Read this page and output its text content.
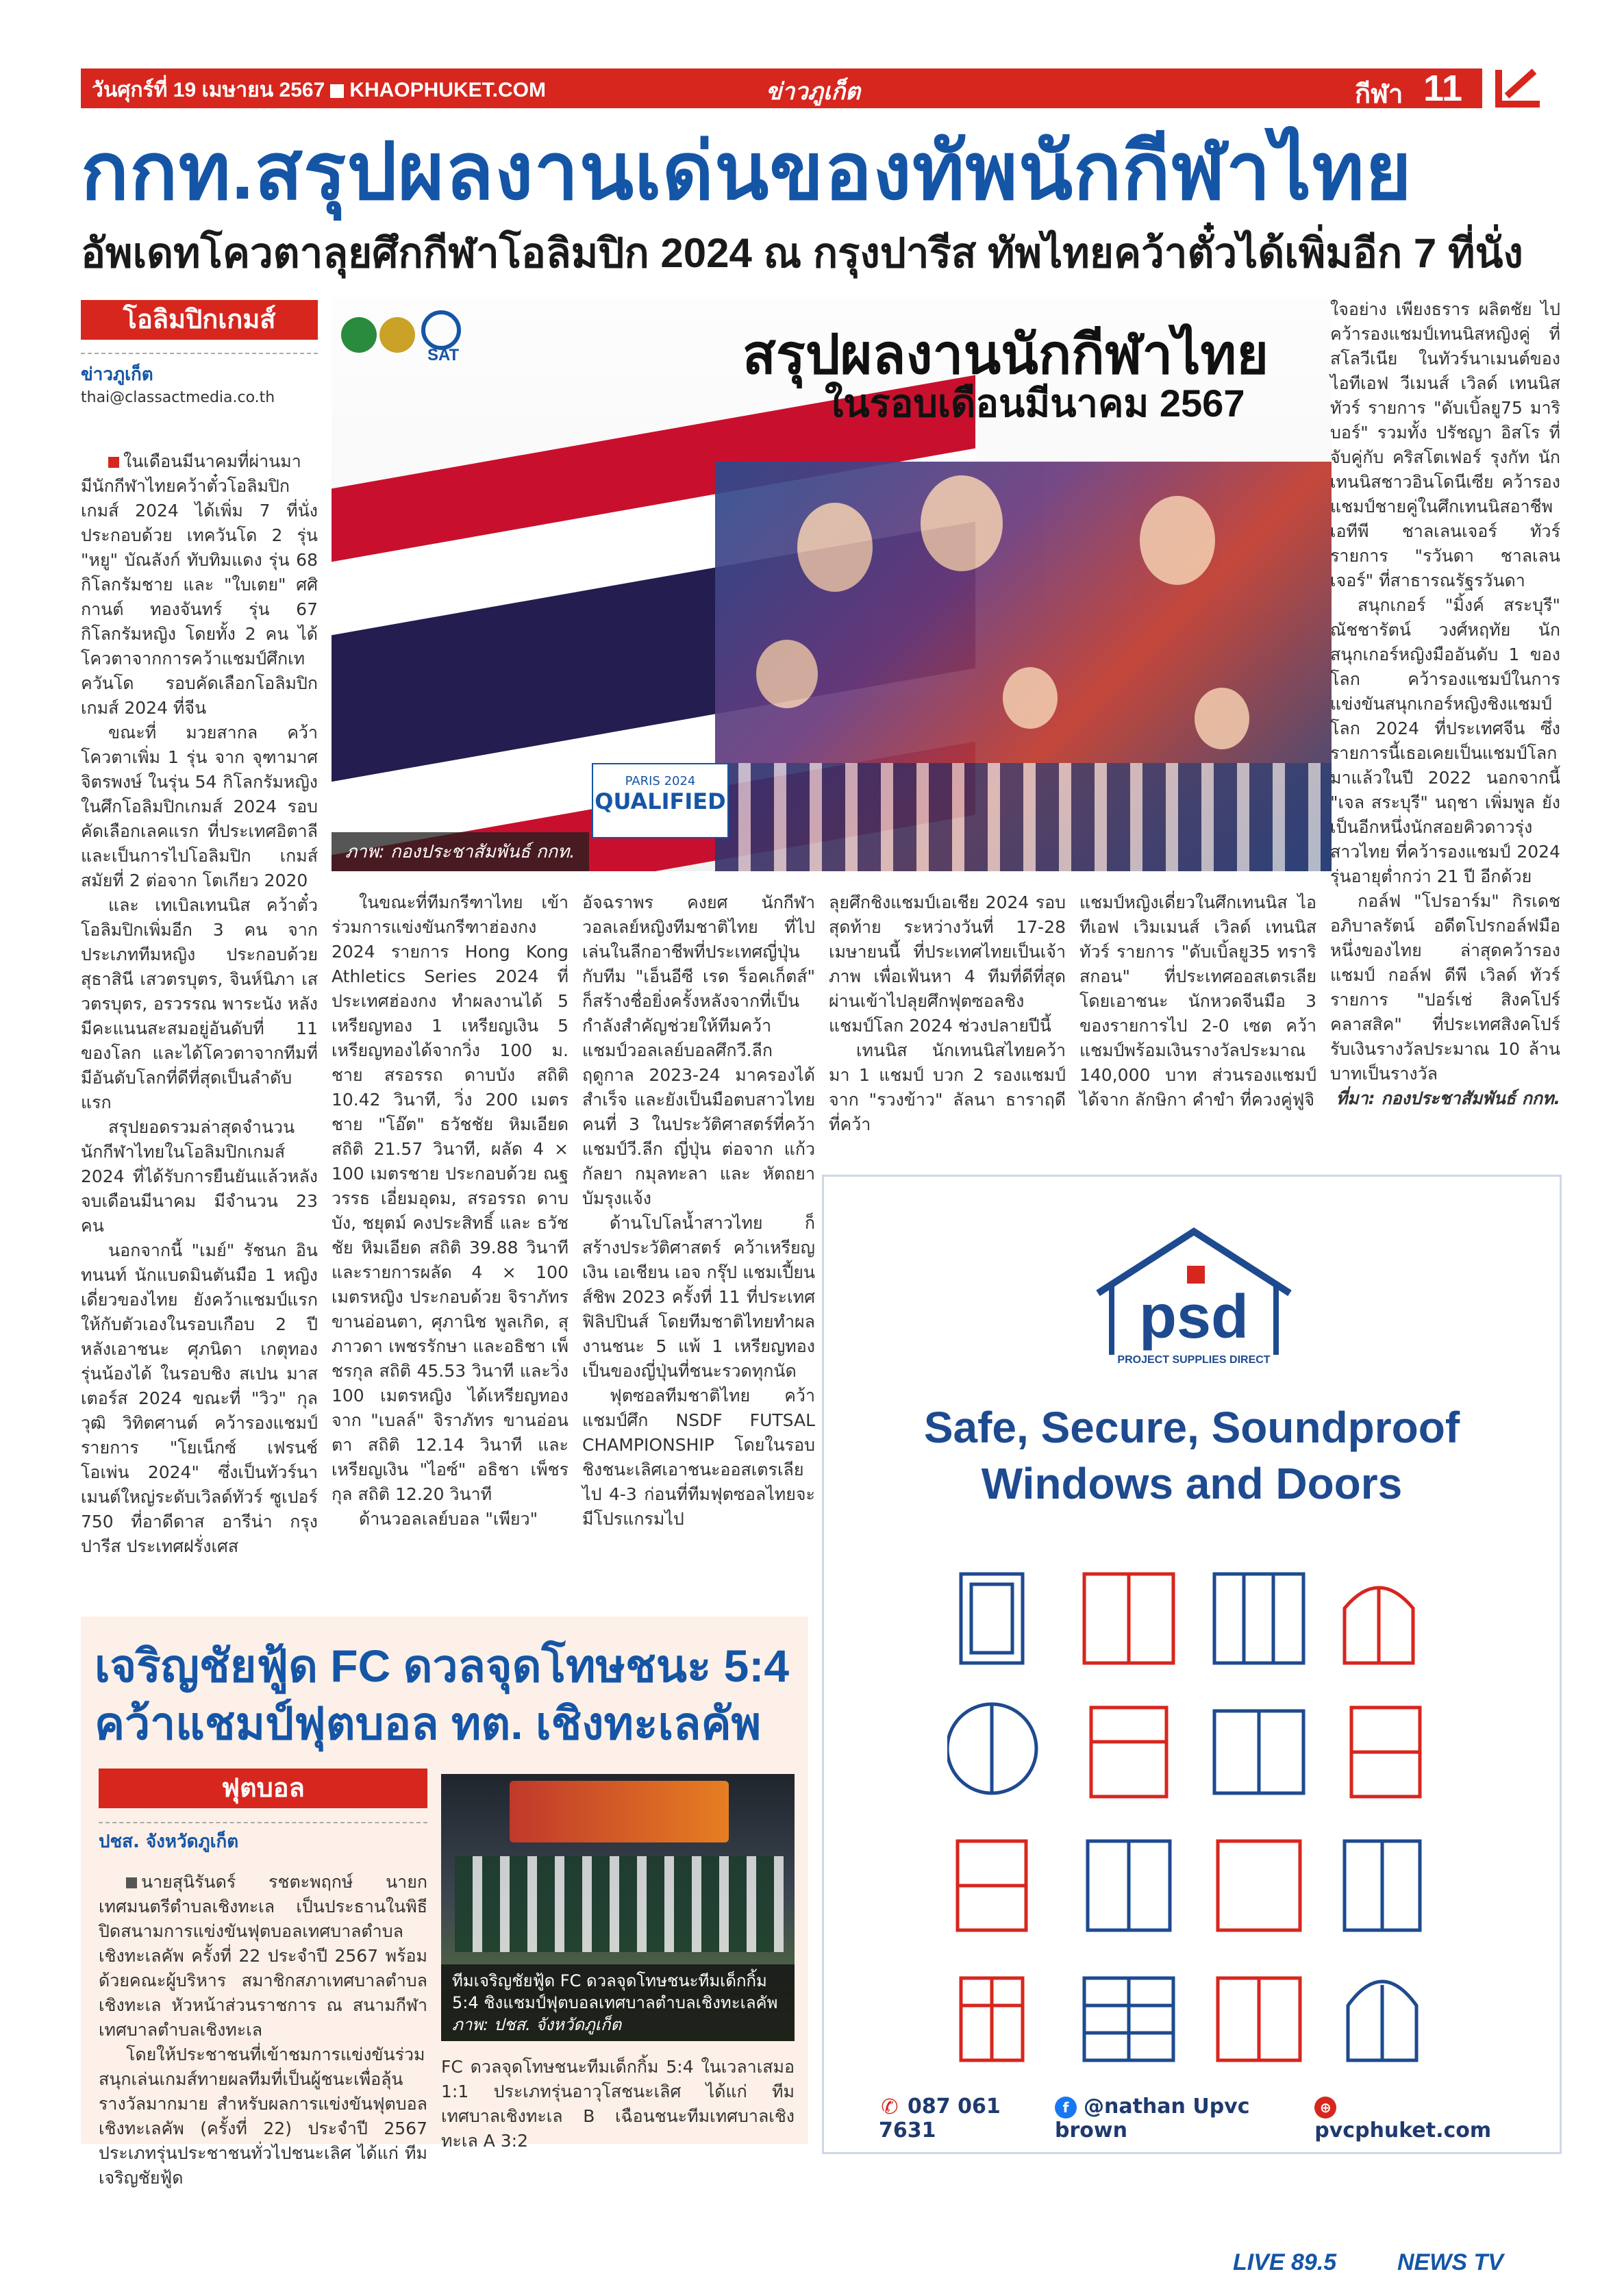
วันศุกร์ที่ 19 เมษายน 2567 KHAOPHUKET.COM	ข่าวภูเก็ต	กีฬา 11
กกท.สรุปผลงานเด่นของทัพนักกีฬาไทย
อัพเดทโควตาลุยศึกกีฬาโอลิมปิก 2024 ณ กรุงปารีส ทัพไทยคว้าตั๋วได้เพิ่มอีก 7 ที่นั่ง
โอลิมปิกเกมส์
ข่าวภูเก็ต
thai@classactmedia.co.th
SAT	สรุปผลงานนักกีฬาไทย
ในรอบเดือนมีนาคม 2567
PARIS 2024
QUALIFIED
ภาพ: กองประชาสัมพันธ์ กกท.

ในเดือนมีนาคมที่ผ่านมา มีนักกีฬาไทยคว้าตั๋วโอลิมปิกเกมส์ 2024 ได้เพิ่ม 7 ที่นั่ง ประกอบด้วย เทควันโด 2 รุ่น "หยู" บัณลังก์ ทับทิมแดง รุ่น 68 กิโลกรัมชาย และ "ใบเตย" ศศิกานต์ ทองจันทร์ รุ่น 67 กิโลกรัมหญิง โดยทั้ง 2 คน ได้โควตาจากการคว้าแชมป์ศึกเทควันโด รอบคัดเลือกโอลิมปิกเกมส์ 2024 ที่จีน

ขณะที่ มวยสากล คว้าโควตาเพิ่ม 1 รุ่น จาก จุฑามาศ จิตรพงษ์ ในรุ่น 54 กิโลกรัมหญิง ในศึกโอลิมปิกเกมส์ 2024 รอบคัดเลือกเลคแรก ที่ประเทศอิตาลี และเป็นการไปโอลิมปิก เกมส์ สมัยที่ 2 ต่อจาก โตเกียว 2020

และ เทเบิลเทนนิส คว้าตั๋วโอลิมปิกเพิ่มอีก 3 คน จากประเภททีมหญิง ประกอบด้วย สุธาสินี เสวตรบุตร, จินห์นิภา เสวตรบุตร, อรวรรณ พาระนัง หลังมีคะแนนสะสมอยู่อันดับที่ 11 ของโลก และได้โควตาจากทีมที่มีอันดับโลกที่ดีที่สุดเป็นลำดับแรก

สรุปยอดรวมล่าสุดจำนวนนักกีฬาไทยในโอลิมปิกเกมส์ 2024 ที่ได้รับการยืนยันแล้วหลังจบเดือนมีนาคม มีจำนวน 23 คน

นอกจากนี้ "เมย์" รัชนก อินทนนท์ นักแบดมินตันมือ 1 หญิงเดี่ยวของไทย ยังคว้าแชมป์แรกให้กับตัวเองในรอบเกือบ 2 ปี หลังเอาชนะ ศุภนิดา เกตุทอง รุ่นน้องได้ ในรอบชิง สเปน มาสเตอร์ส 2024 ขณะที่ "วิว" กุลวุฒิ วิทิตศานต์ คว้ารองแชมป์ รายการ "โยเน็กซ์ เฟรนช์ โอเพ่น 2024" ซึ่งเป็นทัวร์นาเมนต์ใหญ่ระดับเวิลด์ทัวร์ ซูเปอร์ 750 ที่อาดีดาส อารีน่า กรุงปารีส ประเทศฝรั่งเศส

ในขณะที่ทีมกรีฑาไทย เข้าร่วมการแข่งขันกรีฑาฮ่องกง 2024 รายการ Hong Kong Athletics Series 2024 ที่ประเทศฮ่องกง ทำผลงานได้ 5 เหรียญทอง 1 เหรียญเงิน 5 เหรียญทองได้จากวิ่ง 100 ม. ชาย สรอรรถ ดาบบัง สถิติ 10.42 วินาที, วิ่ง 200 เมตรชาย "โอ๊ต" ธวัชชัย หิมเอียด สถิติ 21.57 วินาที, ผลัด 4 × 100 เมตรชาย ประกอบด้วย ณฐวรรธ เอี่ยมอุดม, สรอรรถ ดาบบัง, ชยุตม์ คงประสิทธิ์ และ ธวัชชัย หิมเอียด สถิติ 39.88 วินาที และรายการผลัด 4 × 100 เมตรหญิง ประกอบด้วย จิราภัทร ขานอ่อนตา, ศุภานิช พูลเกิด, สุภาวดา เพชรรักษา และอธิชา เพ็ชรกุล สถิติ 45.53 วินาที และวิ่ง 100 เมตรหญิง ได้เหรียญทองจาก "เบลล์" จิราภัทร ขานอ่อนตา สถิติ 12.14 วินาที และเหรียญเงิน "ไอซ์" อธิชา เพ็ชรกุล สถิติ 12.20 วินาที

ด้านวอลเลย์บอล "เพียว"

อัจฉราพร คงยศ นักกีฬาวอลเลย์หญิงทีมชาติไทย ที่ไปเล่นในลีกอาชีพที่ประเทศญี่ปุ่น กับทีม "เอ็นอีซี เรด ร็อคเก็ตส์" ก็สร้างชื่อยิ่งครั้งหลังจากที่เป็นกำลังสำคัญช่วยให้ทีมคว้าแชมป์วอลเลย์บอลศึกวี.ลีก ฤดูกาล 2023-24 มาครองได้สำเร็จ และยังเป็นมือตบสาวไทยคนที่ 3 ในประวัติศาสตร์ที่คว้าแชมป์วี.ลีก ญี่ปุ่น ต่อจาก แก้วกัลยา กมุลทะลา และ หัตถยา บัมรุงแจ้ง

ด้านโปโลน้ำสาวไทย ก็สร้างประวัติศาสตร์ คว้าเหรียญเงิน เอเชียน เอจ กรุ๊ป แชมเปี้ยนส์ชิพ 2023 ครั้งที่ 11 ที่ประเทศฟิลิปปินส์ โดยทีมชาติไทยทำผลงานชนะ 5 แพ้ 1 เหรียญทองเป็นของญี่ปุ่นที่ชนะรวดทุกนัด

ฟุตซอลทีมชาติไทย คว้าแชมป์ศึก NSDF FUTSAL CHAMPIONSHIP โดยในรอบชิงชนะเลิศเอาชนะออสเตรเลียไป 4-3 ก่อนที่ทีมฟุตซอลไทยจะมีโปรแกรมไป

ลุยศึกชิงแชมป์เอเชีย 2024 รอบสุดท้าย ระหว่างวันที่ 17-28 เมษายนนี้ ที่ประเทศไทยเป็นเจ้าภาพ เพื่อเฟ้นหา 4 ทีมที่ดีที่สุดผ่านเข้าไปลุยศึกฟุตซอลชิงแชมป์โลก 2024 ช่วงปลายปีนี้

เทนนิส นักเทนนิสไทยคว้ามา 1 แชมป์ บวก 2 รองแชมป์ จาก "รวงข้าว" ลัลนา ธาราฤดี ที่คว้า

แชมป์หญิงเดี่ยวในศึกเทนนิส ไอทีเอฟ เวิมเมนส์ เวิลด์ เทนนิส ทัวร์ รายการ "ดับเบิ้ลยู35 ทราริสกอน" ที่ประเทศออสเตรเลีย โดยเอาชนะ นักหวดจีนมือ 3 ของรายการไป 2-0 เซต คว้าแชมป์พร้อมเงินรางวัลประมาณ 140,000 บาท ส่วนรองแชมป์ได้จาก ลักษิกา คำขำ ที่ควงคู่ฟูจิ

ใจอย่าง เพียงธราร ผลิตชัย ไปคว้ารองแชมป์เทนนิสหญิงคู่ ที่สโลวีเนีย ในทัวร์นาเมนต์ของ ไอทีเอฟ วีเมนส์ เวิลด์ เทนนิส ทัวร์ รายการ "ดับเบิ้ลยู75 มาริบอร์" รวมทั้ง ปรัชญา อิสโร ที่จับคู่กับ คริสโตเฟอร์ รุงกัท นักเทนนิสชาวอินโดนีเซีย คว้ารองแชมป์ชายคู่ในศึกเทนนิสอาชีพ เอทีพี ชาลเลนเจอร์ ทัวร์ รายการ "รวันดา ชาลเลนเจอร์" ที่สาธารณรัฐรวันดา

สนุกเกอร์ "มิ้งค์ สระบุรี" ณัชชารัตน์ วงศ์หฤทัย นักสนุกเกอร์หญิงมืออันดับ 1 ของโลก คว้ารองแชมป์ในการแข่งขันสนุกเกอร์หญิงชิงแชมป์โลก 2024 ที่ประเทศจีน ซึ่งรายการนี้เธอเคยเป็นแชมป์โลกมาแล้วในปี 2022 นอกจากนี้ "เจล สระบุรี" นฤชา เพิ่มพูล ยังเป็นอีกหนึ่งนักสอยคิวดาวรุ่งสาวไทย ที่คว้ารองแชมป์ 2024 รุ่นอายุต่ำกว่า 21 ปี อีกด้วย

กอล์ฟ "โปรอาร์ม" กิรเดช อภิบาลรัตน์ อดีตโปรกอล์ฟมือหนึ่งของไทย ล่าสุดคว้ารองแชมป์ กอล์ฟ ดีพี เวิลด์ ทัวร์ รายการ "ปอร์เช่ สิงคโปร์ คลาสสิค" ที่ประเทศสิงคโปร์ รับเงินรางวัลประมาณ 10 ล้านบาทเป็นรางวัล

ที่มา: กองประชาสัมพันธ์ กกท.

psd
PROJECT SUPPLIES DIRECT
Safe, Secure, Soundproof
Windows and Doors
✆ 087 061 7631
f @nathan Upvc brown
⊕pvcphuket.com
เจริญชัยฟู้ด FC ดวลจุดโทษชนะ 5:4
คว้าแชมป์ฟุตบอล ทต. เชิงทะเลคัพ
ฟุตบอล
ปชส. จังหวัดภูเก็ต

นายสุนิรันดร์ รชตะพฤกษ์ นายกเทศมนตรีตำบลเชิงทะเล เป็นประธานในพิธีปิดสนามการแข่งขันฟุตบอลเทศบาลตำบลเชิงทะเลคัพ ครั้งที่ 22 ประจำปี 2567 พร้อมด้วยคณะผู้บริหาร สมาชิกสภาเทศบาลตำบลเชิงทะเล หัวหน้าส่วนราชการ ณ สนามกีฬาเทศบาลตำบลเชิงทะเล

โดยให้ประชาชนที่เข้าชมการแข่งขันร่วมสนุกเล่นเกมส์ทายผลทีมที่เป็นผู้ชนะเพื่อลุ้นรางวัลมากมาย สำหรับผลการแข่งขันฟุตบอลเชิงทะเลคัพ (ครั้งที่ 22) ประจำปี 2567 ประเภทรุ่นประชาชนทั่วไปชนะเลิศ ได้แก่ ทีมเจริญชัยฟู้ด

ทีมเจริญชัยฟู้ด FC ดวลจุดโทษชนะทีมเด็กกิ้ม 5:4 ชิงแชมป์ฟุตบอลเทศบาลตำบลเชิงทะเลคัพ
ภาพ: ปชส. จังหวัดภูเก็ต

FC ดวลจุดโทษชนะทีมเด็กกิ้ม 5:4 ในเวลาเสมอ 1:1 ประเภทรุ่นอาวุโสชนะเลิศ ได้แก่ ทีมเทศบาลเชิงทะเล B เฉือนชนะทีมเทศบาลเชิงทะเล A 3:2

LIVE 89.5	NEWS TV
